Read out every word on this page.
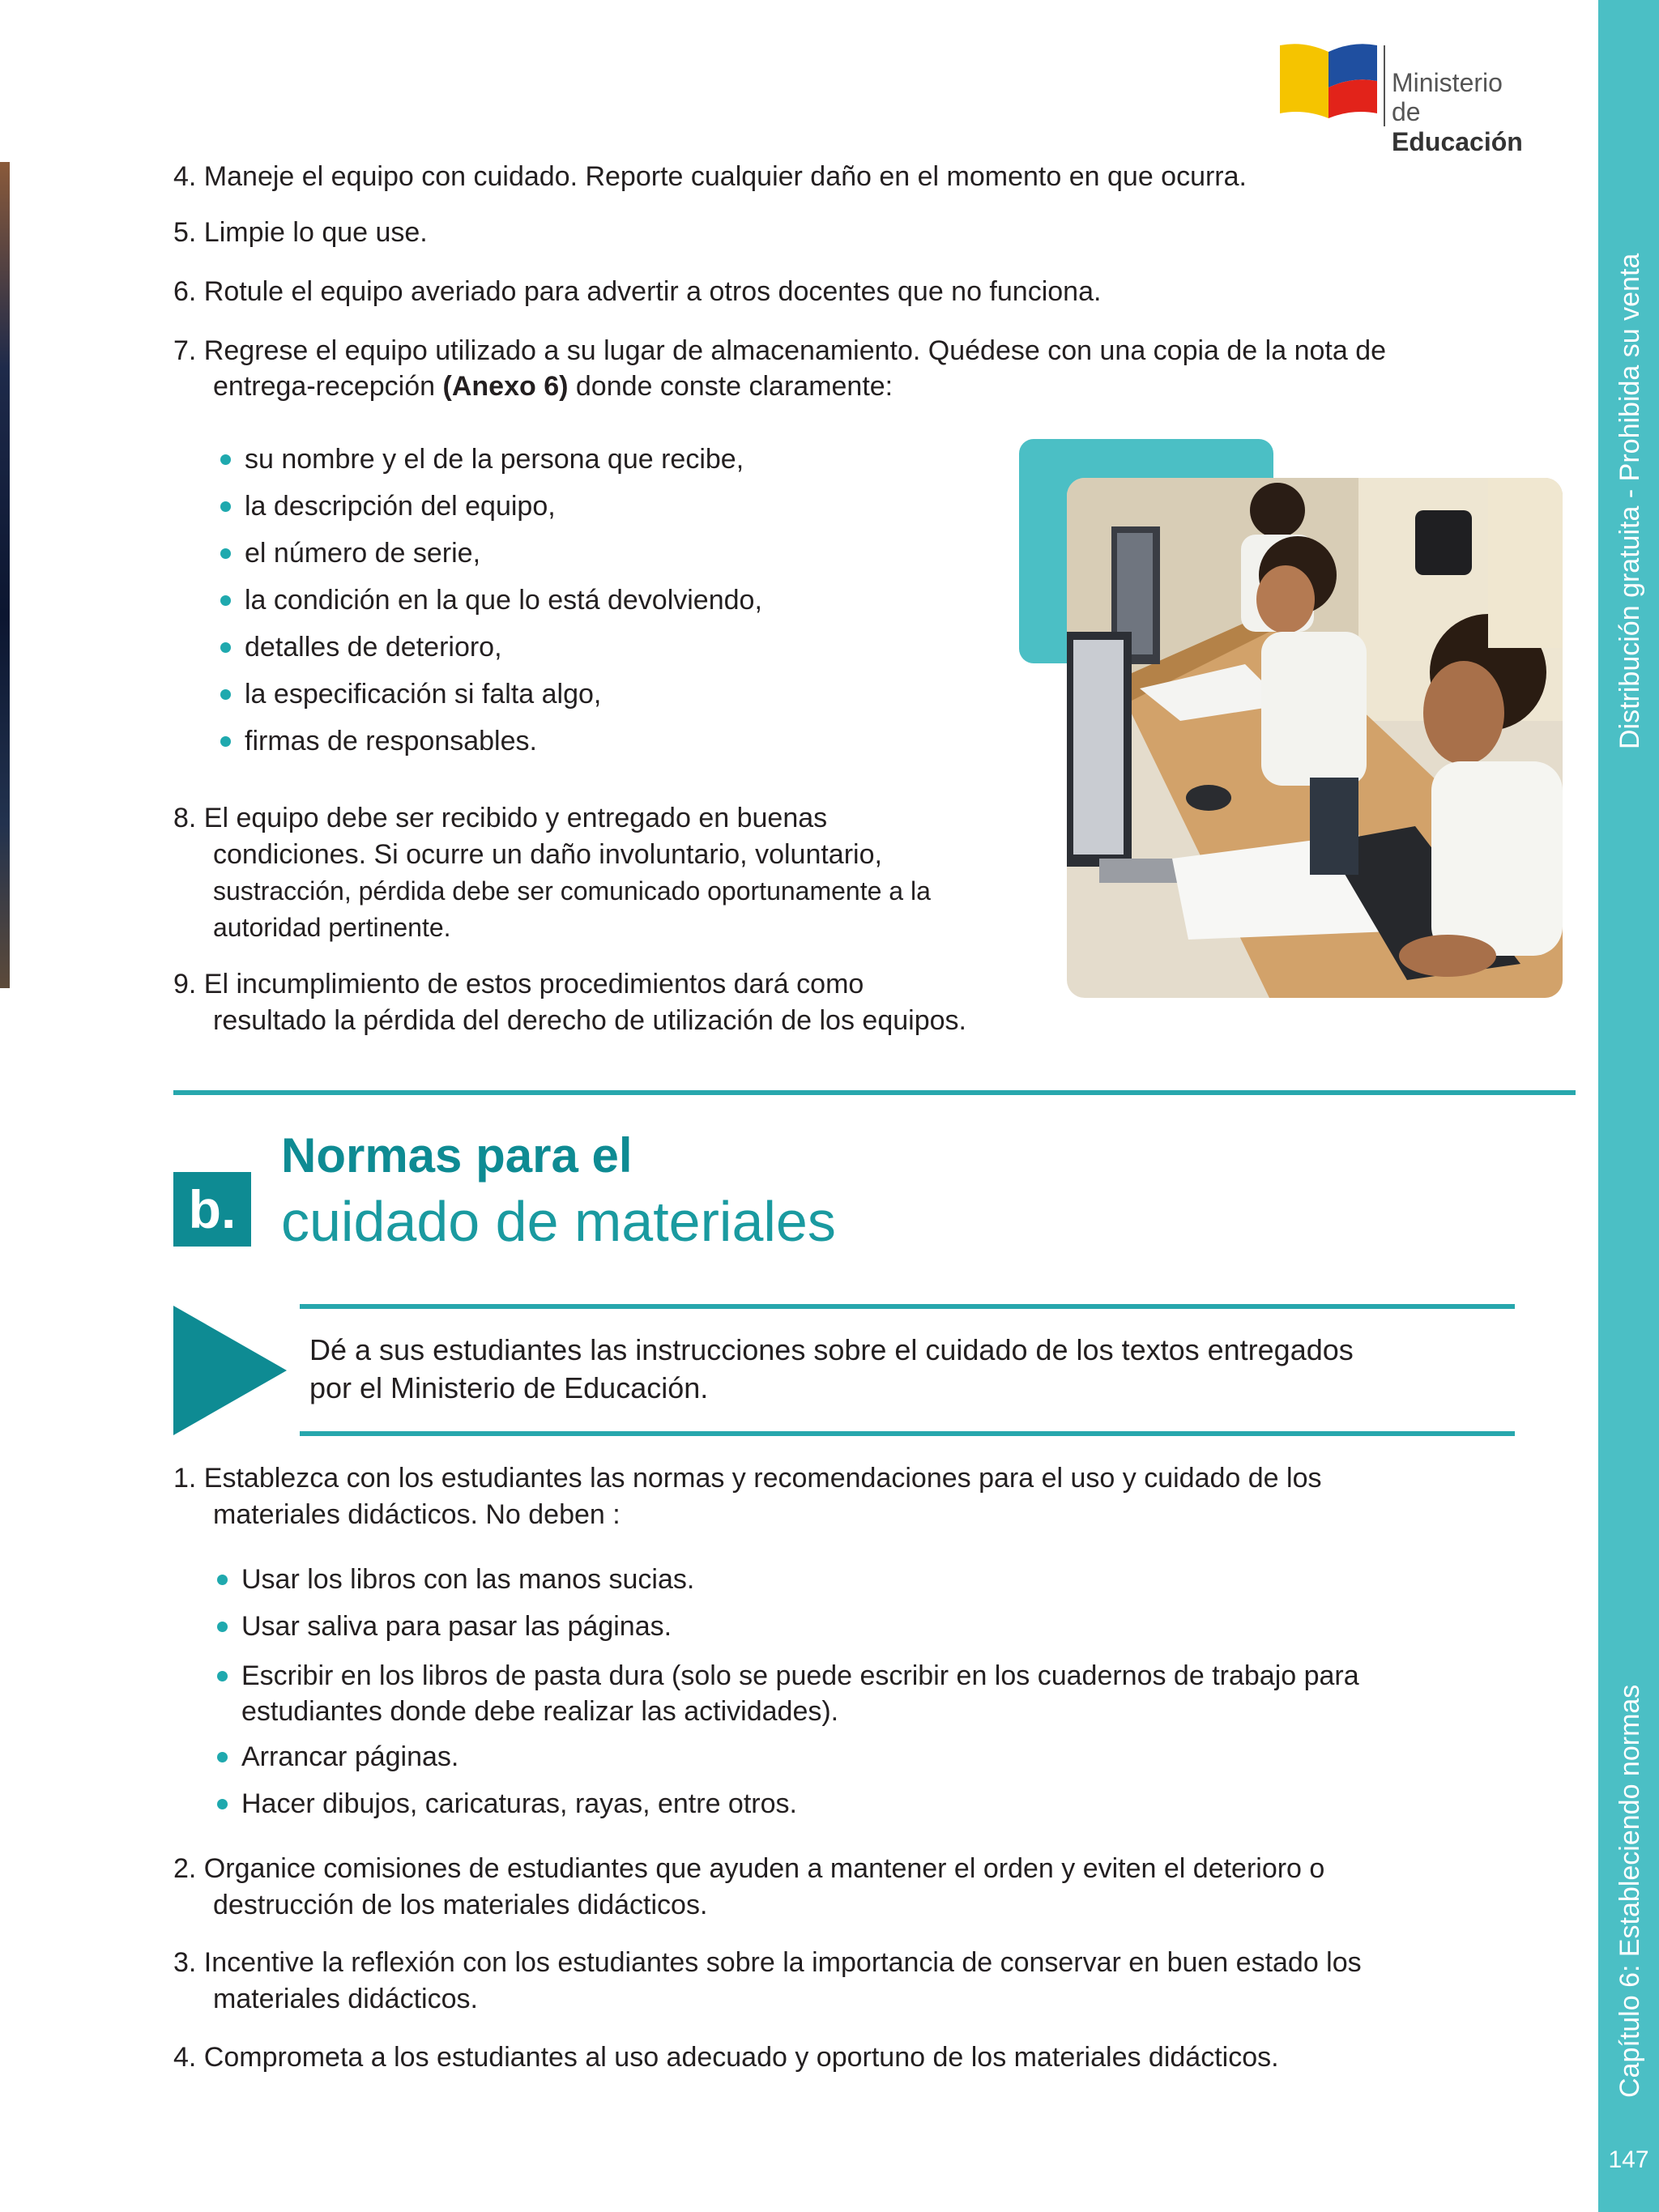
Distribución gratuita - Prohibida su venta
Capítulo 6: Estableciendo normas
147
Ministerio
de Educación
4. Maneje el equipo con cuidado. Reporte cualquier daño en el momento en que ocurra.
5. Limpie lo que use.
6. Rotule el equipo averiado para advertir a otros docentes que no funciona.
7. Regrese el equipo utilizado a su lugar de almacenamiento. Quédese con una copia de la nota de
entrega-recepción (Anexo 6) donde conste claramente:
su nombre y el de la persona que recibe,
la descripción del equipo,
el número de serie,
la condición en la que lo está devolviendo,
detalles de deterioro,
la especificación si falta algo,
firmas de responsables.
8. El equipo debe ser recibido y entregado en buenas
condiciones. Si ocurre un daño involuntario, voluntario,
sustracción, pérdida debe ser comunicado oportunamente a la
autoridad pertinente.
9. El incumplimiento de estos procedimientos dará como
resultado la pérdida del derecho de utilización de los equipos.
b.
Normas para el
cuidado de materiales
Dé a sus estudiantes las instrucciones sobre el cuidado de los textos entregados
por el Ministerio de Educación.
1. Establezca con los estudiantes las normas y recomendaciones para el uso y cuidado de los
materiales didácticos. No deben :
Usar los libros con las manos sucias.
Usar saliva para pasar las páginas.
Escribir en los libros de pasta dura (solo se puede escribir en los cuadernos de trabajo para
estudiantes donde debe realizar las actividades).
Arrancar páginas.
Hacer dibujos, caricaturas, rayas, entre otros.
2. Organice comisiones de estudiantes que ayuden a mantener el orden y eviten el deterioro o
destrucción de los materiales didácticos.
3. Incentive la reflexión con los estudiantes sobre la importancia de conservar en buen estado los
materiales didácticos.
4. Comprometa a los estudiantes al uso adecuado y oportuno de los materiales didácticos.
